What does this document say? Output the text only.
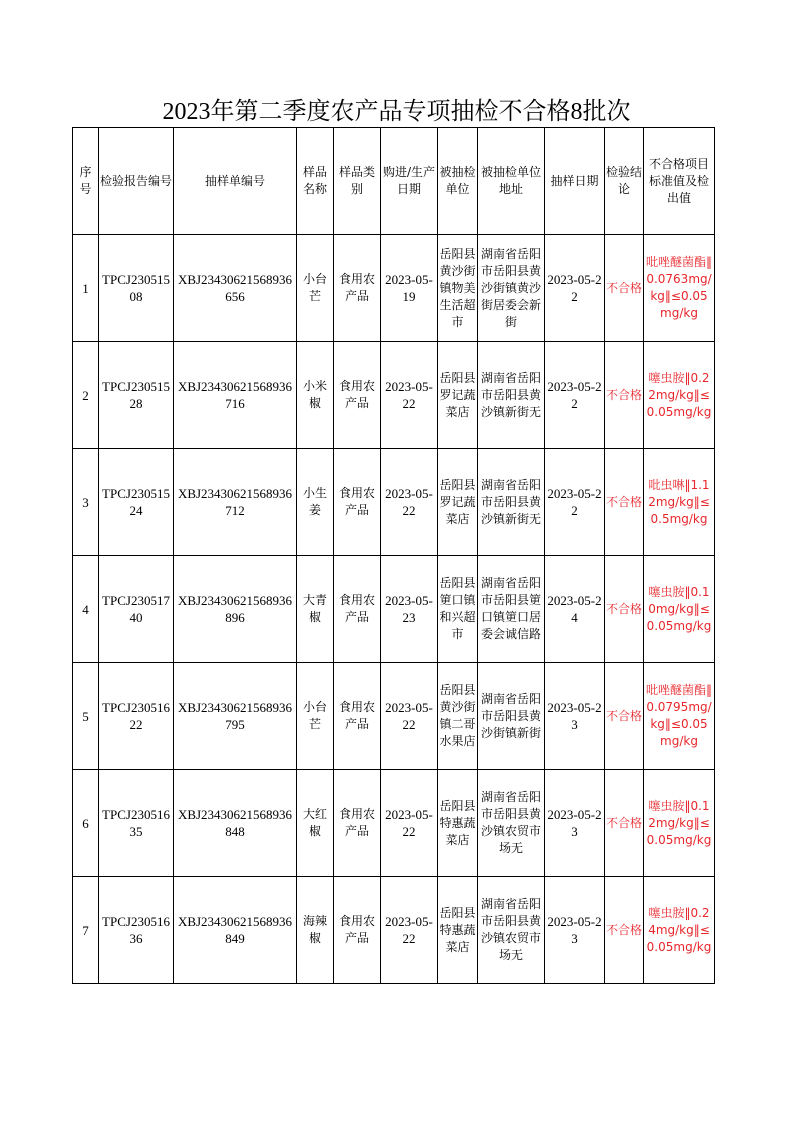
2023年第二季度农产品专项抽检不合格8批次
序号	检验报告编号	抽样单编号	样品名称	样品类别	购进/生产日期	被抽检单位	被抽检单位地址	抽样日期	检验结论	不合格项目标准值及检出值

1	TPCJ23051508	XBJ23430621568936656	小台芒	食用农产品	2023-05-19	岳阳县黄沙街镇物美生活超市	湖南省岳阳市岳阳县黄沙街镇黄沙街居委会新街	2023-05-22	不合格	吡唑醚菌酯‖0.0763mg/kg‖≤0.05mg/kg

2	TPCJ23051528	XBJ23430621568936716	小米椒	食用农产品	2023-05-22	岳阳县罗记蔬菜店	湖南省岳阳市岳阳县黄沙镇新街无	2023-05-22	不合格	噻虫胺‖0.22mg/kg‖≤0.05mg/kg

3	TPCJ23051524	XBJ23430621568936712	小生姜	食用农产品	2023-05-22	岳阳县罗记蔬菜店	湖南省岳阳市岳阳县黄沙镇新街无	2023-05-22	不合格	吡虫啉‖1.12mg/kg‖≤0.5mg/kg

4	TPCJ23051740	XBJ23430621568936896	大青椒	食用农产品	2023-05-23	岳阳县筻口镇和兴超市	湖南省岳阳市岳阳县筻口镇筻口居委会诚信路	2023-05-24	不合格	噻虫胺‖0.10mg/kg‖≤0.05mg/kg

5	TPCJ23051622	XBJ23430621568936795	小台芒	食用农产品	2023-05-22	岳阳县黄沙街镇二哥水果店	湖南省岳阳市岳阳县黄沙街镇新街	2023-05-23	不合格	吡唑醚菌酯‖0.0795mg/kg‖≤0.05mg/kg

6	TPCJ23051635	XBJ23430621568936848	大红椒	食用农产品	2023-05-22	岳阳县特惠蔬菜店	湖南省岳阳市岳阳县黄沙镇农贸市场无	2023-05-23	不合格	噻虫胺‖0.12mg/kg‖≤0.05mg/kg

7	TPCJ23051636	XBJ23430621568936849	海辣椒	食用农产品	2023-05-22	岳阳县特惠蔬菜店	湖南省岳阳市岳阳县黄沙镇农贸市场无	2023-05-23	不合格	噻虫胺‖0.24mg/kg‖≤0.05mg/kg
